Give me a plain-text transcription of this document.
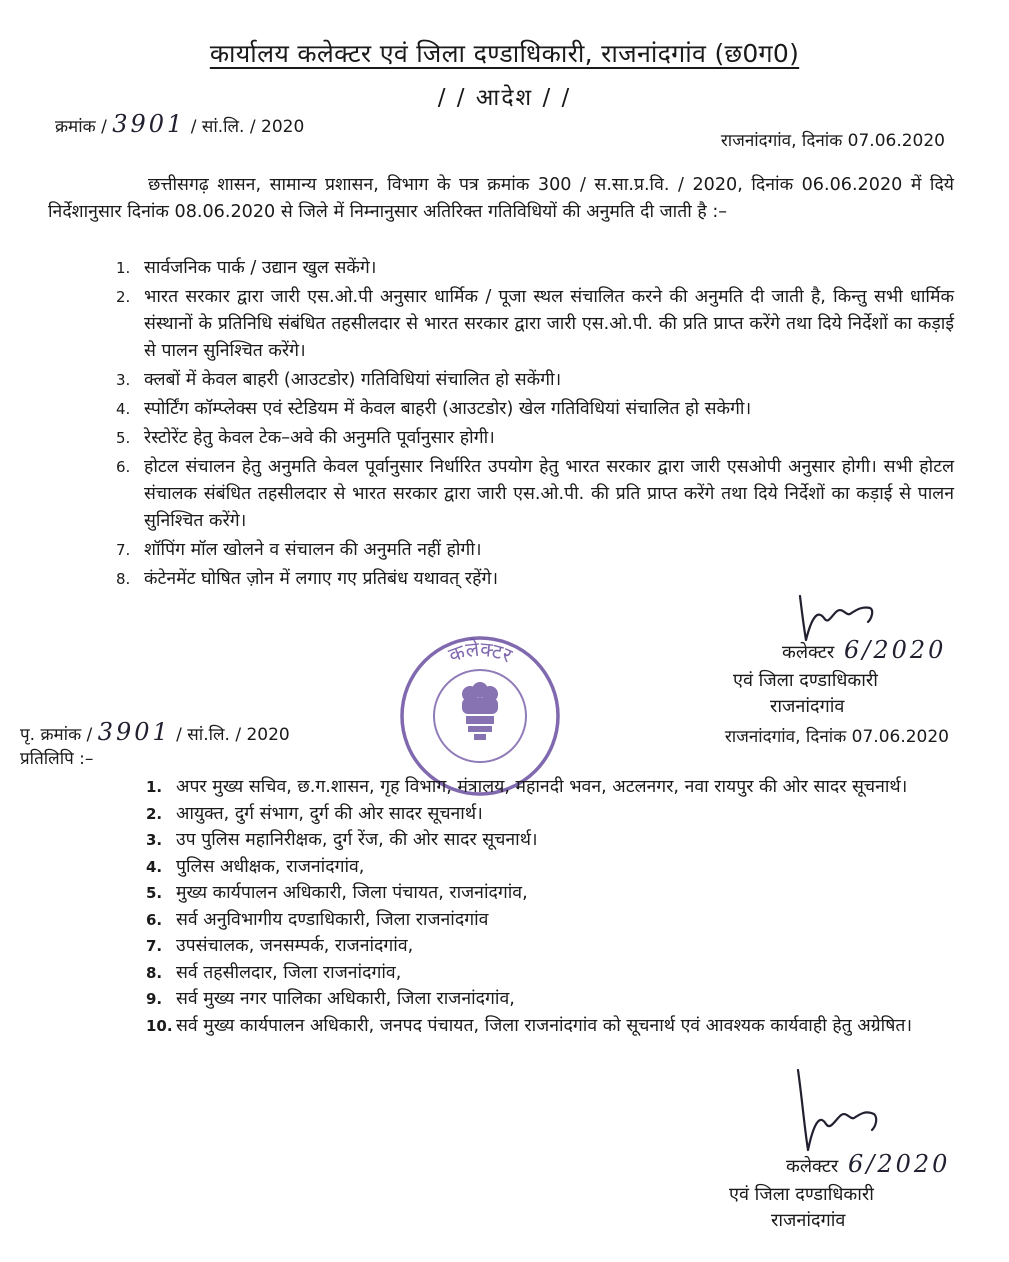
कार्यालय कलेक्टर एवं जिला दण्डाधिकारी, राजनांदगांव (छ0ग0)
/ / आदेश / /
क्रमांक / 3901 / सां.लि. / 2020
राजनांदगांव, दिनांक 07.06.2020
छत्तीसगढ़ शासन, सामान्य प्रशासन, विभाग के पत्र क्रमांक 300 / स.सा.प्र.वि. / 2020, दिनांक 06.06.2020 में दिये निर्देशानुसार दिनांक 08.06.2020 से जिले में निम्नानुसार अतिरिक्त गतिविधियों की अनुमति दी जाती है :–
1. सार्वजनिक पार्क / उद्यान खुल सकेंगे।
2. भारत सरकार द्वारा जारी एस.ओ.पी अनुसार धार्मिक / पूजा स्थल संचालित करने की अनुमति दी जाती है, किन्तु सभी धार्मिक संस्थानों के प्रतिनिधि संबंधित तहसीलदार से भारत सरकार द्वारा जारी एस.ओ.पी. की प्रति प्राप्त करेंगे तथा दिये निर्देशों का कड़ाई से पालन सुनिश्चित करेंगे।
3. क्लबों में केवल बाहरी (आउटडोर) गतिविधियां संचालित हो सकेंगी।
4. स्पोर्टिंग कॉम्प्लेक्स एवं स्टेडियम में केवल बाहरी (आउटडोर) खेल गतिविधियां संचालित हो सकेगी।
5. रेस्टोरेंट हेतु केवल टेक–अवे की अनुमति पूर्वानुसार होगी।
6. होटल संचालन हेतु अनुमति केवल पूर्वानुसार निर्धारित उपयोग हेतु भारत सरकार द्वारा जारी एसओपी अनुसार होगी। सभी होटल संचालक संबंधित तहसीलदार से भारत सरकार द्वारा जारी एस.ओ.पी. की प्रति प्राप्त करेंगे तथा दिये निर्देशों का कड़ाई से पालन सुनिश्चित करेंगे।
7. शॉपिंग मॉल खोलने व संचालन की अनुमति नहीं होगी।
8. कंटेनमेंट घोषित ज़ोन में लगाए गए प्रतिबंध यथावत् रहेंगे।
कलेक्टर 6/2020
एवं जिला दण्डाधिकारी
राजनांदगांव
कलेक्टर
पृ. क्रमांक / 3901 / सां.लि. / 2020	राजनांदगांव, दिनांक 07.06.2020
प्रतिलिपि :–
1. अपर मुख्य सचिव, छ.ग.शासन, गृह विभाग, मंत्रालय, महानदी भवन, अटलनगर, नवा रायपुर की ओर सादर सूचनार्थ।
2. आयुक्त, दुर्ग संभाग, दुर्ग की ओर सादर सूचनार्थ।
3. उप पुलिस महानिरीक्षक, दुर्ग रेंज, की ओर सादर सूचनार्थ।
4. पुलिस अधीक्षक, राजनांदगांव,
5. मुख्य कार्यपालन अधिकारी, जिला पंचायत, राजनांदगांव,
6. सर्व अनुविभागीय दण्डाधिकारी, जिला राजनांदगांव
7. उपसंचालक, जनसम्पर्क, राजनांदगांव,
8. सर्व तहसीलदार, जिला राजनांदगांव,
9. सर्व मुख्य नगर पालिका अधिकारी, जिला राजनांदगांव,
10. सर्व मुख्य कार्यपालन अधिकारी, जनपद पंचायत, जिला राजनांदगांव को सूचनार्थ एवं आवश्यक कार्यवाही हेतु अग्रेषित।
कलेक्टर 6/2020
एवं जिला दण्डाधिकारी
राजनांदगांव
